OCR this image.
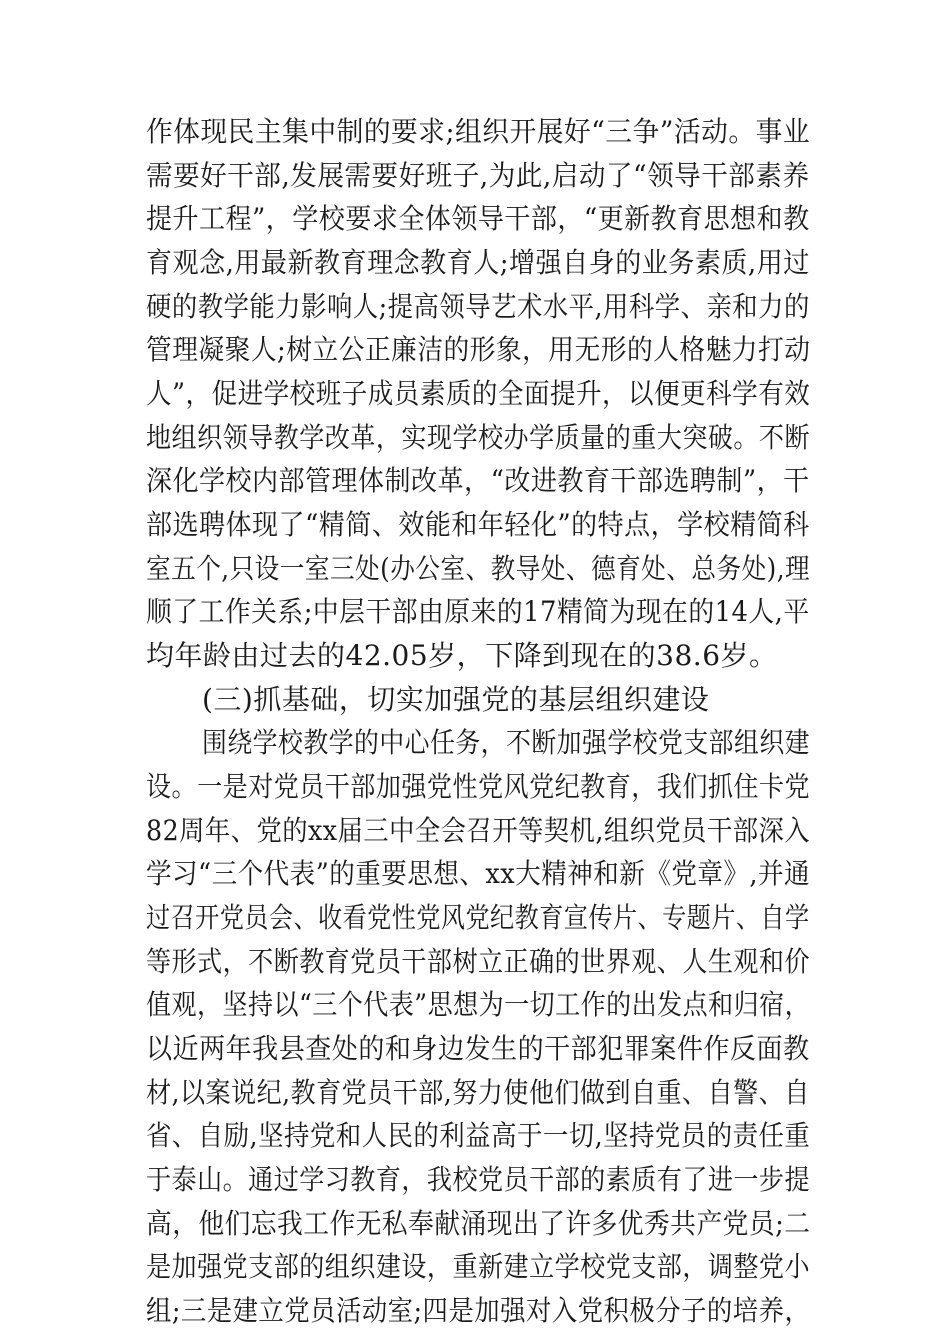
作体现民主集中制的要求;组织开展好“三争”活动。事业
需要好干部,发展需要好班子,为此,启动了“领导干部素养
提升工程”，学校要求全体领导干部，“更新教育思想和教
育观念,用最新教育理念教育人;增强自身的业务素质,用过
硬的教学能力影响人;提高领导艺术水平,用科学、亲和力的
管理凝聚人;树立公正廉洁的形象，用无形的人格魅力打动
人”，促进学校班子成员素质的全面提升，以便更科学有效
地组织领导教学改革，实现学校办学质量的重大突破。不断
深化学校内部管理体制改革，“改进教育干部选聘制”，干
部选聘体现了“精简、效能和年轻化”的特点，学校精简科
室五个,只设一室三处(办公室、教导处、德育处、总务处),理
顺了工作关系;中层干部由原来的17精简为现在的14人,平
均年龄由过去的42.05岁，下降到现在的38.6岁。
(三)抓基础，切实加强党的基层组织建设
围绕学校教学的中心任务，不断加强学校党支部组织建
设。一是对党员干部加强党性党风党纪教育，我们抓住卡党
82周年、党的xx届三中全会召开等契机,组织党员干部深入
学习“三个代表”的重要思想、xx大精神和新《党章》,并通
过召开党员会、收看党性党风党纪教育宣传片、专题片、自学
等形式，不断教育党员干部树立正确的世界观、人生观和价
值观，坚持以“三个代表”思想为一切工作的出发点和归宿，
以近两年我县查处的和身边发生的干部犯罪案件作反面教
材,以案说纪,教育党员干部,努力使他们做到自重、自警、自
省、自励,坚持党和人民的利益高于一切,坚持党员的责任重
于泰山。通过学习教育，我校党员干部的素质有了进一步提
高，他们忘我工作无私奉献涌现出了许多优秀共产党员;二
是加强党支部的组织建设，重新建立学校党支部，调整党小
组;三是建立党员活动室;四是加强对入党积极分子的培养，
